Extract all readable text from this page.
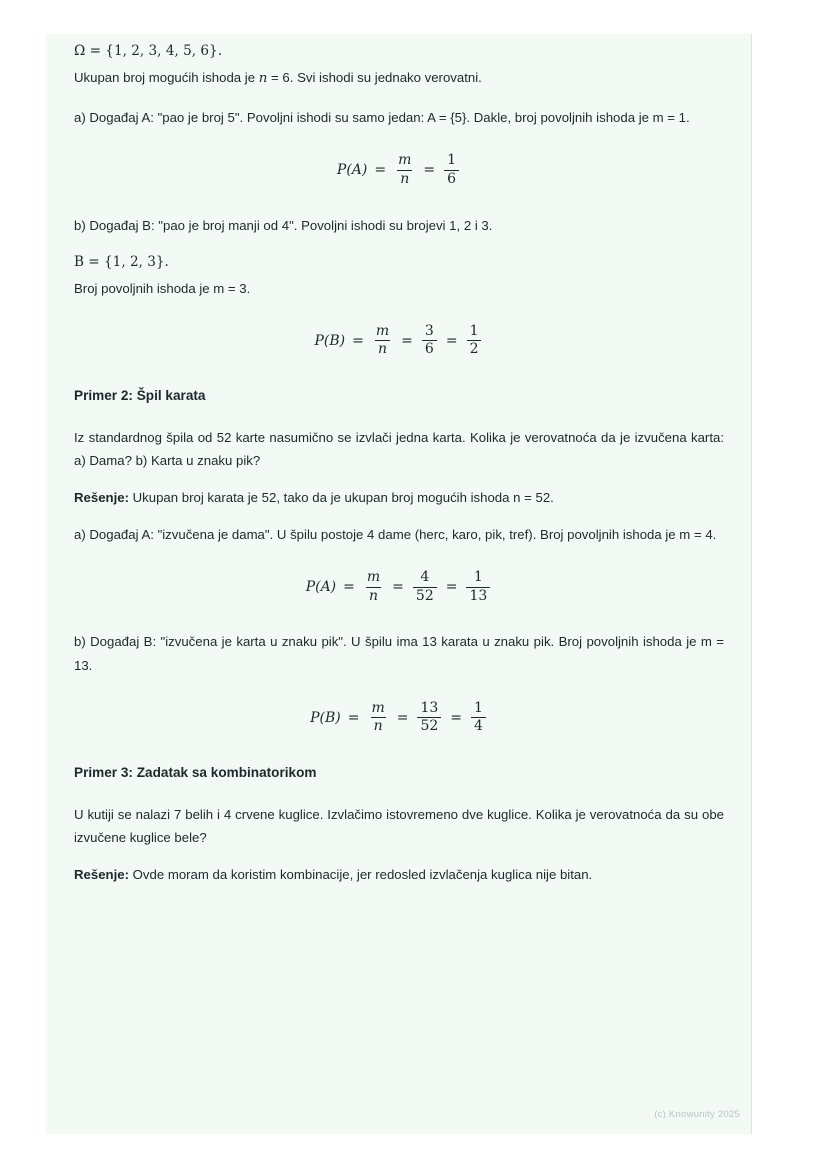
Ω = {1, 2, 3, 4, 5, 6}.

Ukupan broj mogućih ishoda je n = 6. Svi ishodi su jednako verovatni.

a) Događaj A: "pao je broj 5". Povoljni ishodi su samo jedan: A = {5}. Dakle, broj povoljnih ishoda je m = 1.

$P(A) = \frac{m}{n} = \frac{1}{6}$

b) Događaj B: "pao je broj manji od 4". Povoljni ishodi su brojevi 1, 2 i 3.

B = {1, 2, 3}.

Broj povoljnih ishoda je m = 3.

$P(B) = \frac{m}{n} = \frac{3}{6} = \frac{1}{2}$
Primer 2: Špil karata

Iz standardnog špila od 52 karte nasumično se izvlači jedna karta. Kolika je verovatnoća da je izvučena karta: a) Dama? b) Karta u znaku pik?

Rešenje: Ukupan broj karata je 52, tako da je ukupan broj mogućih ishoda n = 52.

a) Događaj A: "izvučena je dama". U špilu postoje 4 dame (herc, karo, pik, tref). Broj povoljnih ishoda je m = 4.

$P(A) = \frac{m}{n} = \frac{4}{52} = \frac{1}{13}$

b) Događaj B: "izvučena je karta u znaku pik". U špilu ima 13 karata u znaku pik. Broj povoljnih ishoda je m = 13.

$P(B) = \frac{m}{n} = \frac{13}{52} = \frac{1}{4}$
Primer 3: Zadatak sa kombinatorikom

U kutiji se nalazi 7 belih i 4 crvene kuglice. Izvlačimo istovremeno dve kuglice. Kolika je verovatnoća da su obe izvučene kuglice bele?

Rešenje: Ovde moram da koristim kombinacije, jer redosled izvlačenja kuglica nije bitan.

(c) Knowunity 2025
